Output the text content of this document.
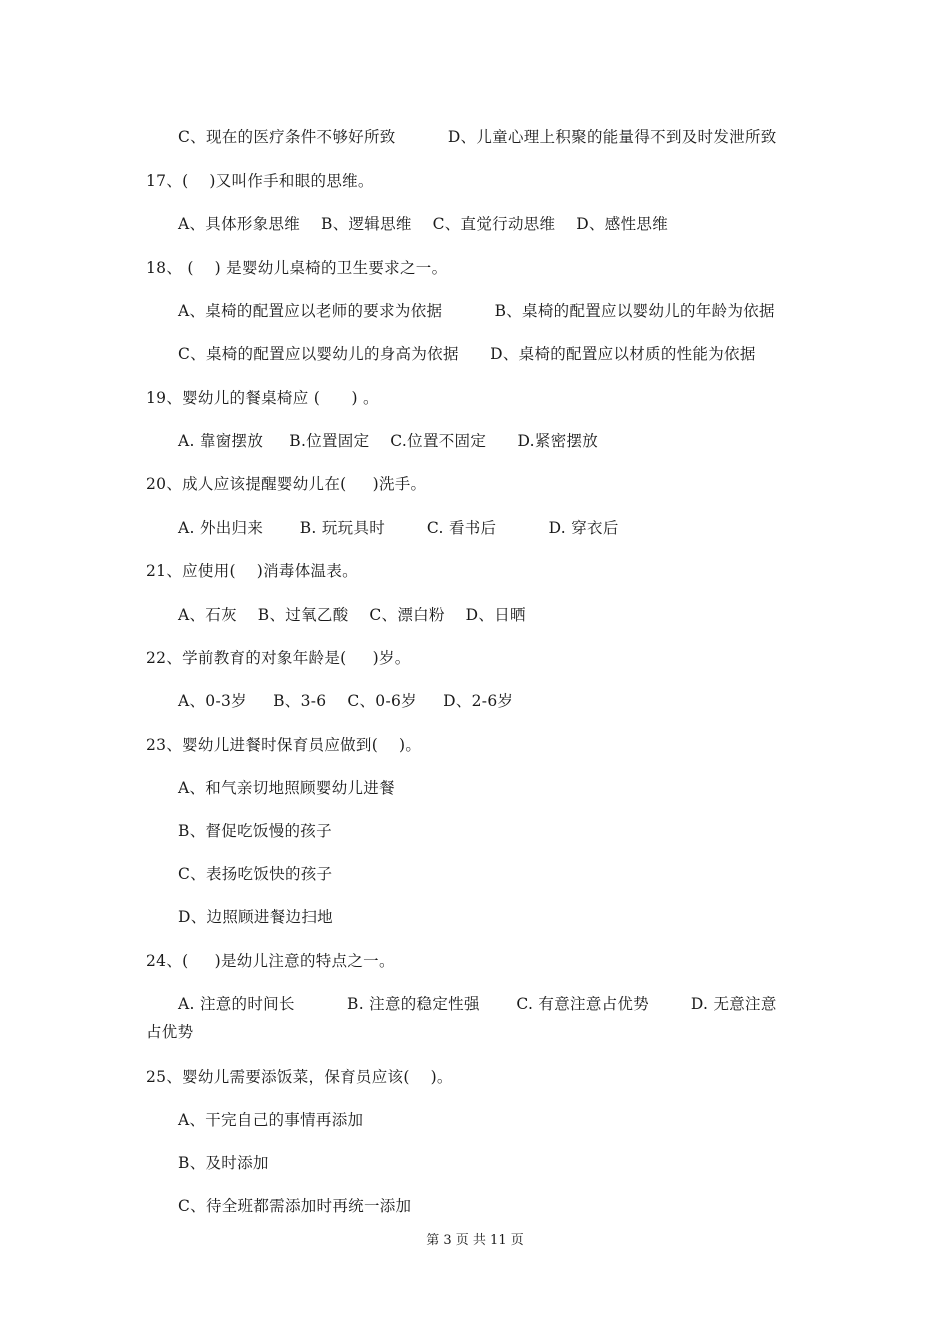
C、现在的医疗条件不够好所致          D、儿童心理上积聚的能量得不到及时发泄所致
17、(    )又叫作手和眼的思维。
A、具体形象思维    B、逻辑思维    C、直觉行动思维    D、感性思维
18、 (    ) 是婴幼儿桌椅的卫生要求之一。
A、桌椅的配置应以老师的要求为依据          B、桌椅的配置应以婴幼儿的年龄为依据
C、桌椅的配置应以婴幼儿的身高为依据      D、桌椅的配置应以材质的性能为依据
19、婴幼儿的餐桌椅应 (      ) 。
A. 靠窗摆放     B.位置固定    C.位置不固定      D.紧密摆放
20、成人应该提醒婴幼儿在(     )洗手。
A. 外出归来       B. 玩玩具时        C. 看书后          D. 穿衣后
21、应使用(    )消毒体温表。
A、石灰    B、过氧乙酸    C、漂白粉    D、日晒
22、学前教育的对象年龄是(     )岁。
A、0-3岁     B、3-6    C、0-6岁     D、2-6岁
23、婴幼儿进餐时保育员应做到(    )。
A、和气亲切地照顾婴幼儿进餐
B、督促吃饭慢的孩子
C、表扬吃饭快的孩子
D、边照顾进餐边扫地
24、(     )是幼儿注意的特点之一。
A. 注意的时间长          B. 注意的稳定性强       C. 有意注意占优势        D. 无意注意
占优势
25、婴幼儿需要添饭菜，保育员应该(    )。
A、干完自己的事情再添加
B、及时添加
C、待全班都需添加时再统一添加
第 3 页 共 11 页
